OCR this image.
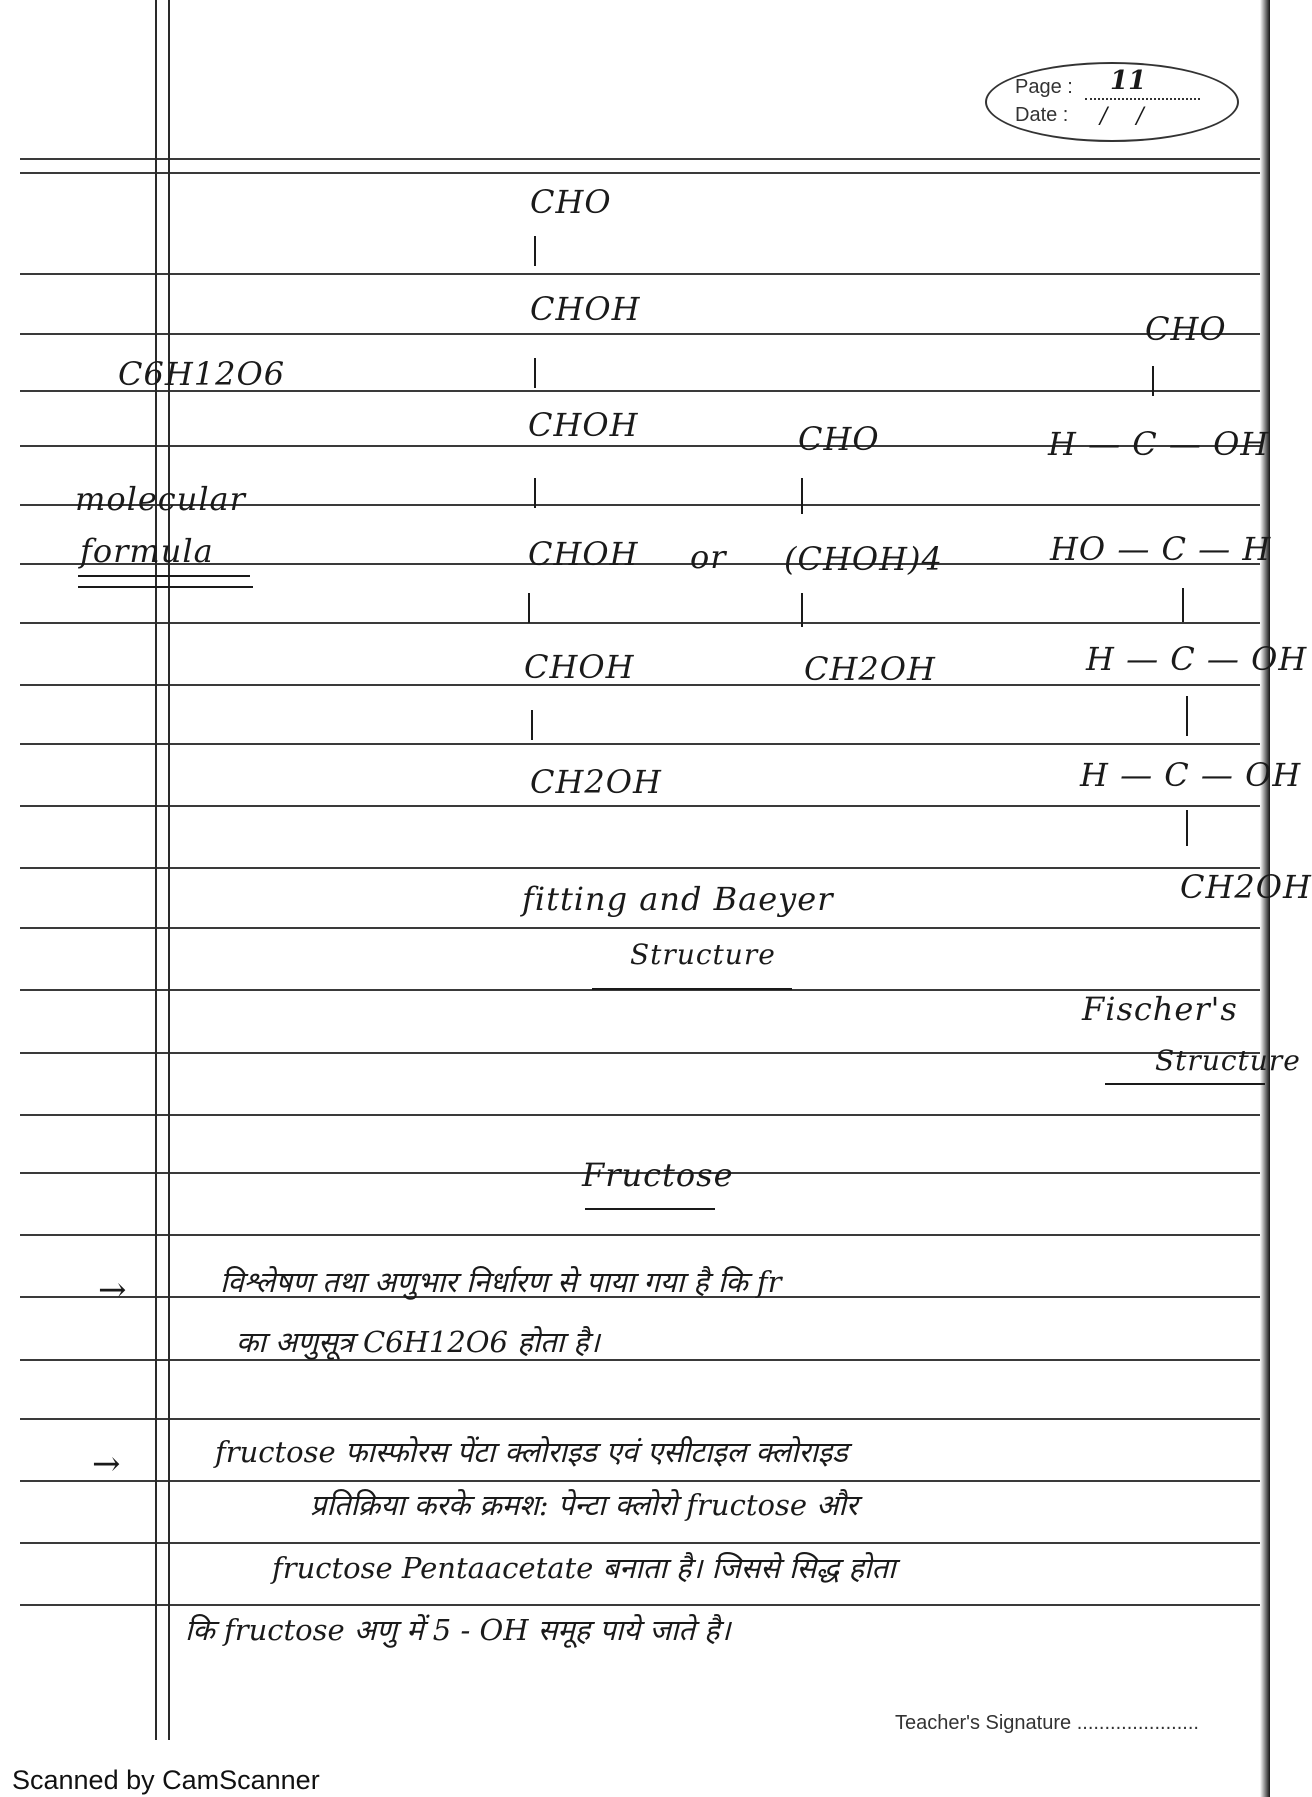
Page : 11
Date : / /
C6H12O6
molecular
formula
CHO
CHOH
CHOH
CHOH
CHOH
CH2OH
or
CHO
(CHOH)4
CH2OH
fitting and Baeyer
Structure
CHO
H — C — OH
HO — C — H
H — C — OH
H — C — OH
CH2OH
Fischer's
Structure
Fructose
→	विश्लेषण तथा अणुभार निर्धारण से पाया गया है कि fr
का अणुसूत्र C6H12O6 होता है।
→	fructose फास्फोरस पेंटा क्लोराइड एवं एसीटाइल क्लोराइड
प्रतिक्रिया करके क्रमश: पेन्टा क्लोरो fructose और
fructose Pentaacetate बनाता है। जिससे सिद्ध होता
कि fructose अणु में 5 - OH समूह पाये जाते है।
Teacher's Signature ......................
Scanned by CamScanner
